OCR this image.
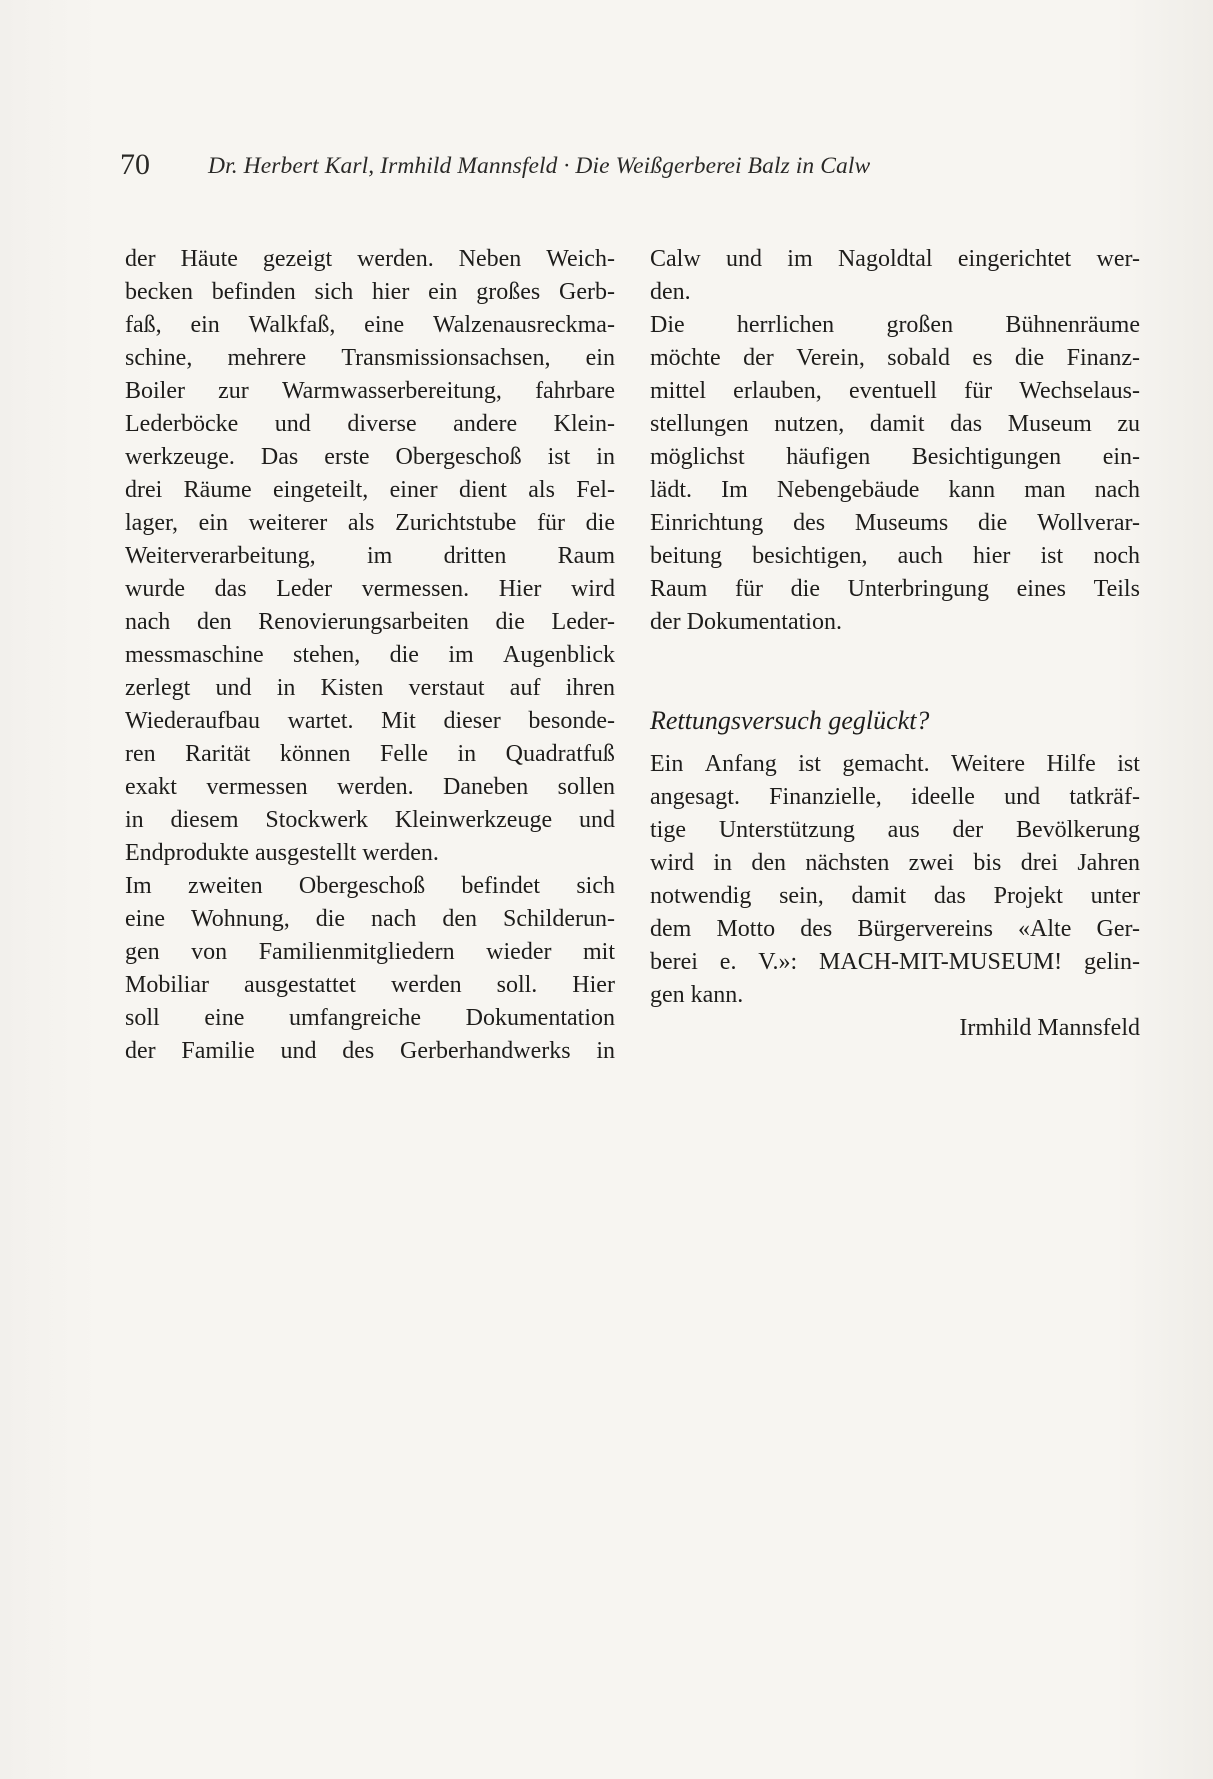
70 Dr. Herbert Karl, Irmhild Mannsfeld · Die Weißgerberei Balz in Calw
der Häute gezeigt werden. Neben Weich-
becken befinden sich hier ein großes Gerb-
faß, ein Walkfaß, eine Walzenausreckma-
schine, mehrere Transmissionsachsen, ein
Boiler zur Warmwasserbereitung, fahrbare
Lederböcke und diverse andere Klein-
werkzeuge. Das erste Obergeschoß ist in
drei Räume eingeteilt, einer dient als Fel-
lager, ein weiterer als Zurichtstube für die
Weiterverarbeitung, im dritten Raum
wurde das Leder vermessen. Hier wird
nach den Renovierungsarbeiten die Leder-
messmaschine stehen, die im Augenblick
zerlegt und in Kisten verstaut auf ihren
Wiederaufbau wartet. Mit dieser besonde-
ren Rarität können Felle in Quadratfuß
exakt vermessen werden. Daneben sollen
in diesem Stockwerk Kleinwerkzeuge und
Endprodukte ausgestellt werden.
Im zweiten Obergeschoß befindet sich
eine Wohnung, die nach den Schilderun-
gen von Familienmitgliedern wieder mit
Mobiliar ausgestattet werden soll. Hier
soll eine umfangreiche Dokumentation
der Familie und des Gerberhandwerks in
Calw und im Nagoldtal eingerichtet wer-
den.
Die herrlichen großen Bühnenräume
möchte der Verein, sobald es die Finanz-
mittel erlauben, eventuell für Wechselaus-
stellungen nutzen, damit das Museum zu
möglichst häufigen Besichtigungen ein-
lädt. Im Nebengebäude kann man nach
Einrichtung des Museums die Wollverar-
beitung besichtigen, auch hier ist noch
Raum für die Unterbringung eines Teils
der Dokumentation.
Rettungsversuch geglückt?
Ein Anfang ist gemacht. Weitere Hilfe ist
angesagt. Finanzielle, ideelle und tatkräf-
tige Unterstützung aus der Bevölkerung
wird in den nächsten zwei bis drei Jahren
notwendig sein, damit das Projekt unter
dem Motto des Bürgervereins «Alte Ger-
berei e. V.»: MACH-MIT-MUSEUM! gelin-
gen kann.
Irmhild Mannsfeld
